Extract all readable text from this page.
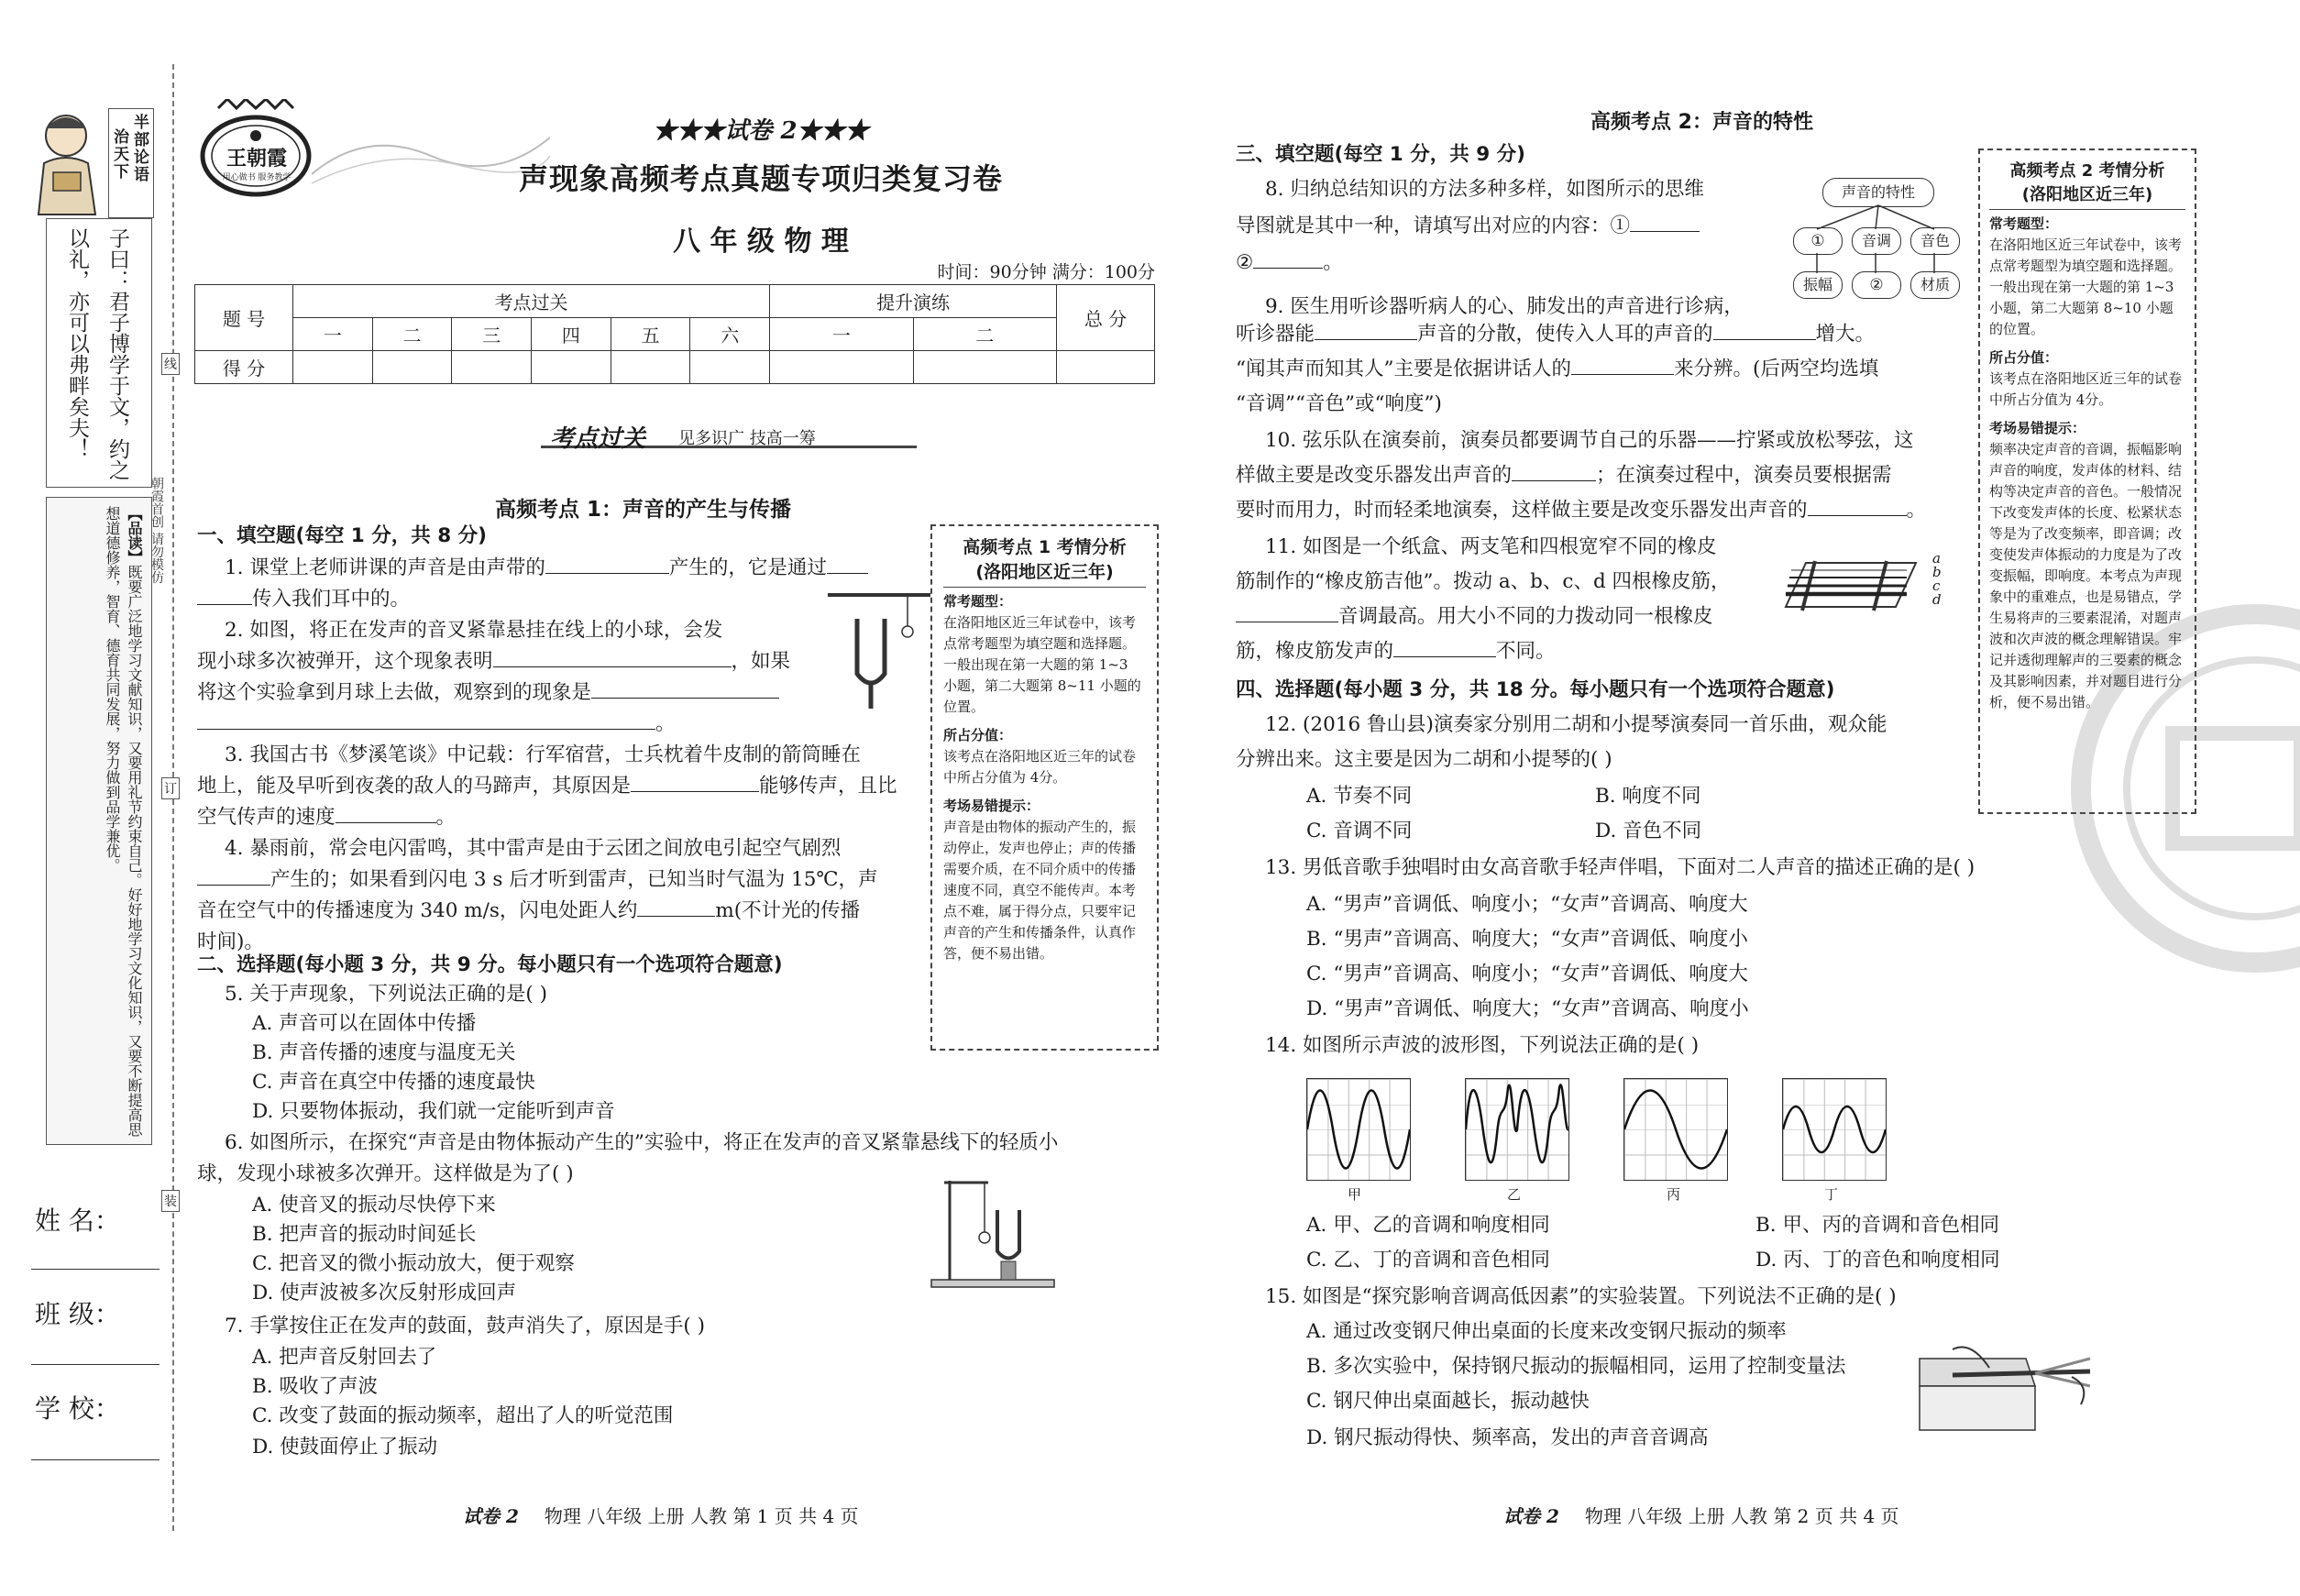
半部论语
治天下
子曰：君子博学于文，约之以礼，亦可以弗畔矣夫！
【品读】既要广泛地学习文献知识，又要用礼节约束自己。好好地学习文化知识，又要不断提高思想道德修养，智育、德育共同发展，努力做到品学兼优。
线
订
装
朝霞首创 请勿模仿
姓 名：
班 级：
学 校：
王朝霞
用心做书 服务教学
★★★试卷 2★★★
声现象高频考点真题专项归类复习卷
八 年 级 物 理
时间：90分钟 满分：100分
题 号	考点过关						提升演练		总 分
	一	二	三	四	五	六	一	二	
得 分									
考点过关 见多识广 技高一筹
高频考点 1：声音的产生与传播
一、填空题(每空 1 分，共 8 分)
1. 课堂上老师讲课的声音是由声带的	产生的，它是通过
传入我们耳中的。
2. 如图，将正在发声的音叉紧靠悬挂在线上的小球，会发
现小球多次被弹开，这个现象表明	，如果
将这个实验拿到月球上去做，观察到的现象是
。
3. 我国古书《梦溪笔谈》中记载：行军宿营，士兵枕着牛皮制的箭筒睡在
地上，能及早听到夜袭的敌人的马蹄声，其原因是	能够传声，且比
空气传声的速度	。
4. 暴雨前，常会电闪雷鸣，其中雷声是由于云团之间放电引起空气剧烈
产生的；如果看到闪电 3 s 后才听到雷声，已知当时气温为 15℃，声
音在空气中的传播速度为 340 m/s，闪电处距人约	m(不计光的传播
时间)。
二、选择题(每小题 3 分，共 9 分。每小题只有一个选项符合题意)
5. 关于声现象，下列说法正确的是( )
A. 声音可以在固体中传播
B. 声音传播的速度与温度无关
C. 声音在真空中传播的速度最快
D. 只要物体振动，我们就一定能听到声音
6. 如图所示，在探究“声音是由物体振动产生的”实验中，将正在发声的音叉紧靠悬线下的轻质小
球，发现小球被多次弹开。这样做是为了( )
A. 使音叉的振动尽快停下来
B. 把声音的振动时间延长
C. 把音叉的微小振动放大，便于观察
D. 使声波被多次反射形成回声
7. 手掌按住正在发声的鼓面，鼓声消失了，原因是手( )
A. 把声音反射回去了
B. 吸收了声波
C. 改变了鼓面的振动频率，超出了人的听觉范围
D. 使鼓面停止了振动
试卷 2 物理 八年级 上册 人教 第 1 页 共 4 页
高频考点 1 考情分析
(洛阳地区近三年)
常考题型：
在洛阳地区近三年试卷中，该考点常考题型为填空题和选择题。一般出现在第一大题的第 1~3 小题，第二大题第 8~11 小题的位置。
所占分值：
该考点在洛阳地区近三年的试卷中所占分值为 4分。
考场易错提示：
声音是由物体的振动产生的，振动停止，发声也停止；声的传播需要介质，在不同介质中的传播速度不同，真空不能传声。本考点不难，属于得分点，只要牢记声音的产生和传播条件，认真作答，便不易出错。
高频考点 2：声音的特性
三、填空题(每空 1 分，共 9 分)
8. 归纳总结知识的方法多种多样，如图所示的思维
导图就是其中一种，请填写出对应的内容：①
②	。
声音的特性
①	音调	音色
振幅	②	材质
9. 医生用听诊器听病人的心、肺发出的声音进行诊病，
听诊器能	声音的分散，使传入人耳的声音的	增大。
“闻其声而知其人”主要是依据讲话人的	来分辨。(后两空均选填
“音调”“音色”或“响度”)
10. 弦乐队在演奏前，演奏员都要调节自己的乐器——拧紧或放松琴弦，这
样做主要是改变乐器发出声音的	；在演奏过程中，演奏员要根据需
要时而用力，时而轻柔地演奏，这样做主要是改变乐器发出声音的	。
11. 如图是一个纸盒、两支笔和四根宽窄不同的橡皮
筋制作的“橡皮筋吉他”。拨动 a、b、c、d 四根橡皮筋，
音调最高。用大小不同的力拨动同一根橡皮
筋，橡皮筋发声的	不同。
a
b
c
d
四、选择题(每小题 3 分，共 18 分。每小题只有一个选项符合题意)
12. (2016 鲁山县)演奏家分别用二胡和小提琴演奏同一首乐曲，观众能
分辨出来。这主要是因为二胡和小提琴的( )
A. 节奏不同	B. 响度不同
C. 音调不同	D. 音色不同
13. 男低音歌手独唱时由女高音歌手轻声伴唱，下面对二人声音的描述正确的是( )
A. “男声”音调低、响度小；“女声”音调高、响度大
B. “男声”音调高、响度大；“女声”音调低、响度小
C. “男声”音调高、响度小；“女声”音调低、响度大
D. “男声”音调低、响度大；“女声”音调高、响度小
14. 如图所示声波的波形图，下列说法正确的是( )
甲	乙	丙	丁
A. 甲、乙的音调和响度相同	B. 甲、丙的音调和音色相同
C. 乙、丁的音调和音色相同	D. 丙、丁的音色和响度相同
15. 如图是“探究影响音调高低因素”的实验装置。下列说法不正确的是( )
A. 通过改变钢尺伸出桌面的长度来改变钢尺振动的频率
B. 多次实验中，保持钢尺振动的振幅相同，运用了控制变量法
C. 钢尺伸出桌面越长，振动越快
D. 钢尺振动得快、频率高，发出的声音音调高
试卷 2 物理 八年级 上册 人教 第 2 页 共 4 页
高频考点 2 考情分析
(洛阳地区近三年)
常考题型：
在洛阳地区近三年试卷中，该考点常考题型为填空题和选择题。一般出现在第一大题的第 1~3 小题，第二大题第 8~10 小题的位置。
所占分值：
该考点在洛阳地区近三年的试卷中所占分值为 4分。
考场易错提示：
频率决定声音的音调，振幅影响声音的响度，发声体的材料、结构等决定声音的音色。一般情况下改变发声体的长度、松紧状态等是为了改变频率，即音调；改变使发声体振动的力度是为了改变振幅，即响度。本考点为声现象中的重难点，也是易错点，学生易将声的三要素混淆，对题声波和次声波的概念理解错误。牢记并透彻理解声的三要素的概念及其影响因素，并对题目进行分析，便不易出错。
